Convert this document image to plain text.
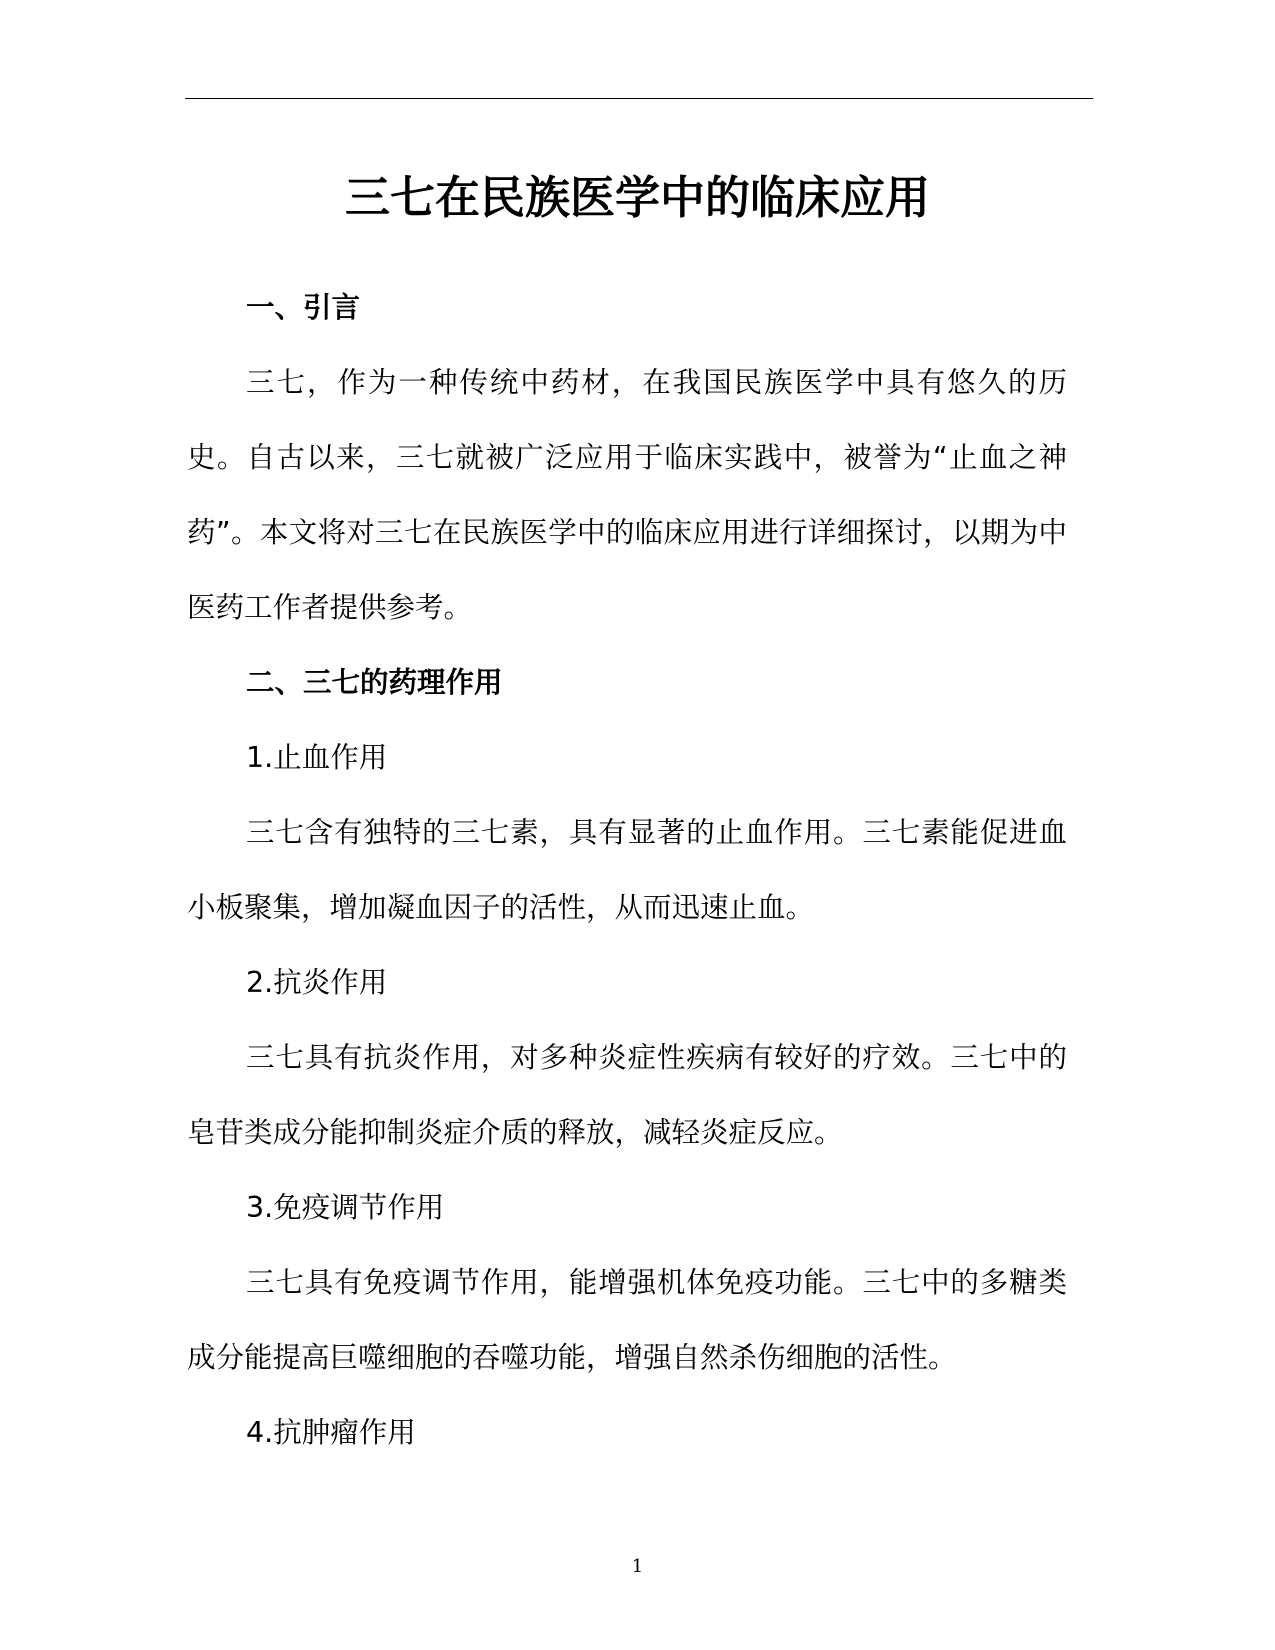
三七在民族医学中的临床应用

一、引言

三七，作为一种传统中药材，在我国民族医学中具有悠久的历史。自古以来，三七就被广泛应用于临床实践中，被誉为“止血之神药”。本文将对三七在民族医学中的临床应用进行详细探讨，以期为中医药工作者提供参考。

二、三七的药理作用

1.止血作用

三七含有独特的三七素，具有显著的止血作用。三七素能促进血小板聚集，增加凝血因子的活性，从而迅速止血。

2.抗炎作用

三七具有抗炎作用，对多种炎症性疾病有较好的疗效。三七中的皂苷类成分能抑制炎症介质的释放，减轻炎症反应。

3.免疫调节作用

三七具有免疫调节作用，能增强机体免疫功能。三七中的多糖类成分能提高巨噬细胞的吞噬功能，增强自然杀伤细胞的活性。

4.抗肿瘤作用

1
